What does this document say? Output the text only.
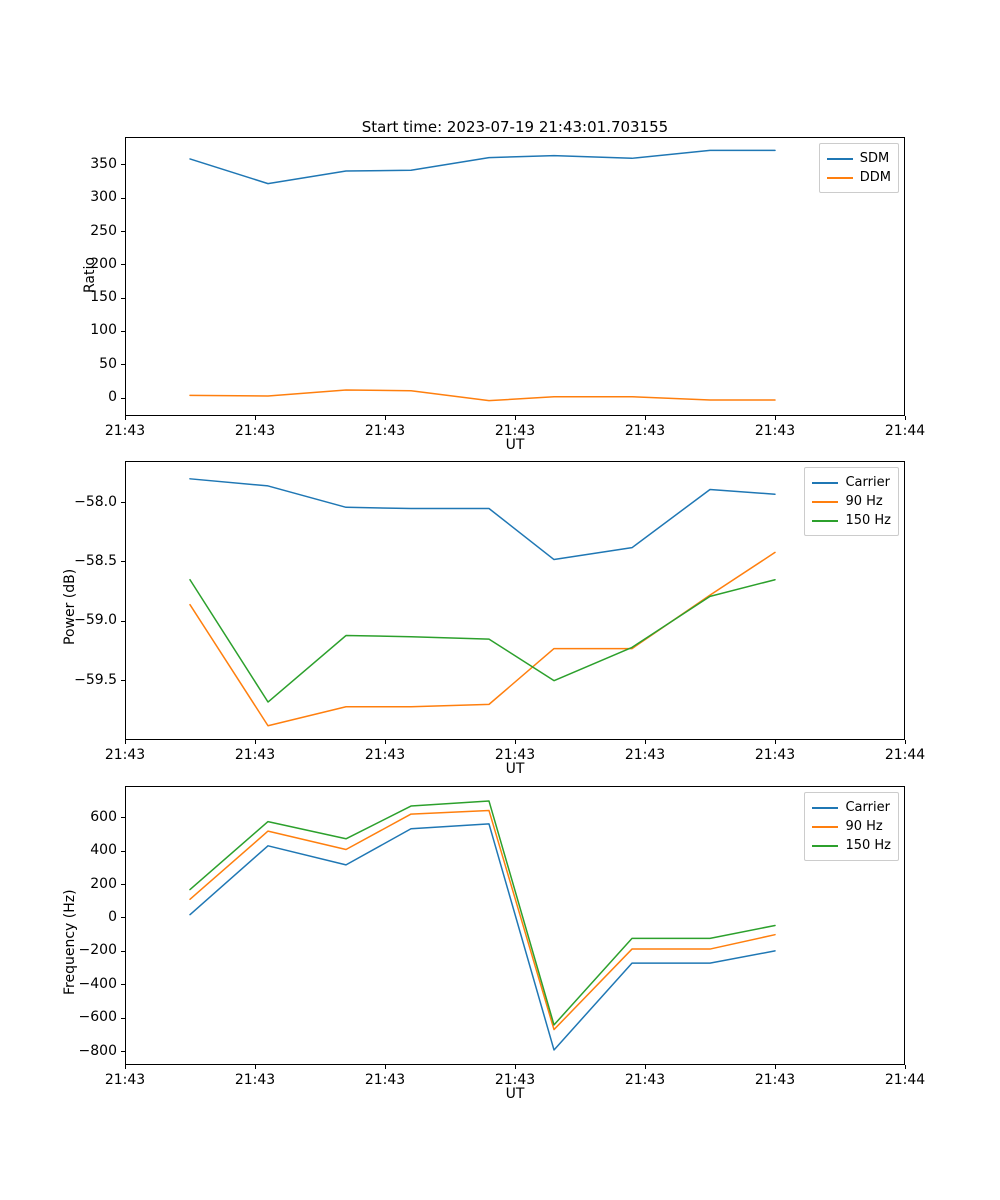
SDM
DDM
Start time: 2023-07-19 21:43:01.703155
Ratio
UT
21:43	21:43	21:43	21:43	21:43	21:43	21:44
0
50
100
150
200
250
300
350
Carrier
90 Hz
150 Hz
Power (dB)
UT
21:43	21:43	21:43	21:43	21:43	21:43	21:44
−59.5
−59.0
−58.5
−58.0
Carrier
90 Hz
150 Hz
Frequency (Hz)
UT
21:43	21:43	21:43	21:43	21:43	21:43	21:44
−800
−600
−400
−200
0
200
400
600
